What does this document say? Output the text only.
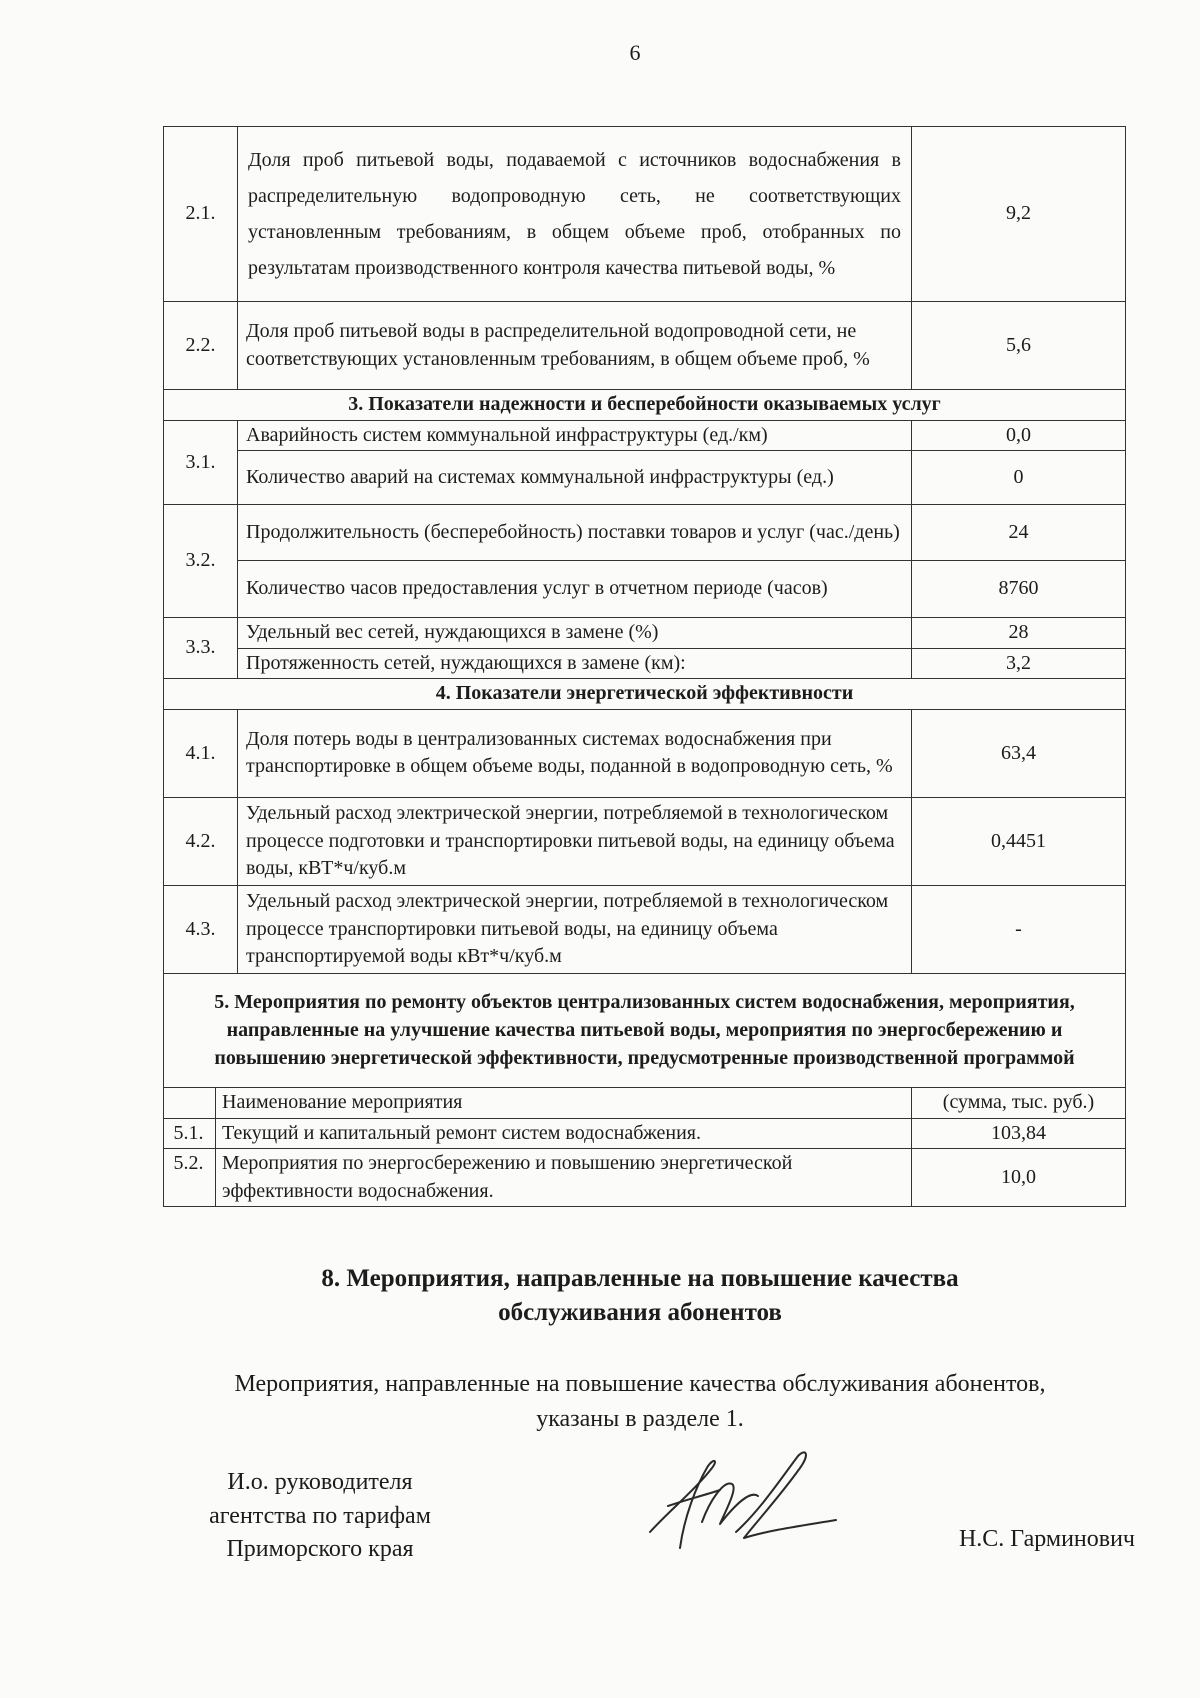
6
2.1.		Доля проб питьевой воды, подаваемой с источников водоснабжения в распределительную водопроводную сеть, не соответствующих установленным требованиям, в общем объеме проб, отобранных по результатам производственного контроля качества питьевой воды, %	9,2
2.2.		Доля проб питьевой воды в распределительной водопроводной сети, не соответствующих установленным требованиям, в общем объеме проб, %	5,6
3. Показатели надежности и бесперебойности оказываемых услуг			
3.1.		Аварийность систем коммунальной инфраструктуры (ед./км)	0,0
		Количество аварий на системах коммунальной инфраструктуры (ед.)	0
3.2.		Продолжительность (бесперебойность) поставки товаров и услуг (час./день)	24
		Количество часов предоставления услуг в отчетном периоде (часов)	8760
3.3.		Удельный вес сетей, нуждающихся в замене (%)	28
		Протяженность сетей, нуждающихся в замене (км):	3,2
4. Показатели энергетической эффективности			
4.1.		Доля потерь воды в централизованных системах водоснабжения при транспортировке в общем объеме воды, поданной в водопроводную сеть, %	63,4
4.2.		Удельный расход электрической энергии, потребляемой в технологическом процессе подготовки и транспортировки питьевой воды, на единицу объема воды, кВТ*ч/куб.м	0,4451
4.3.		Удельный расход электрической энергии, потребляемой в технологическом процессе транспортировки питьевой воды, на единицу объема транспортируемой воды кВт*ч/куб.м	-
5. Мероприятия по ремонту объектов централизованных систем водоснабжения, мероприятия, направленные на улучшение качества питьевой воды, мероприятия по энергосбережению и повышению энергетической эффективности, предусмотренные производственной программой			
	Наименование мероприятия		(сумма, тыс. руб.)
5.1.	Текущий и капитальный ремонт систем водоснабжения.		103,84
5.2.	Мероприятия по энергосбережению и повышению энергетической эффективности водоснабжения.		10,0
8. Мероприятия, направленные на повышение качества
обслуживания абонентов
Мероприятия, направленные на повышение качества обслуживания абонентов,
указаны в разделе 1.
И.о. руководителя
агентства по тарифам
Приморского края	Н.С. Гарминович
